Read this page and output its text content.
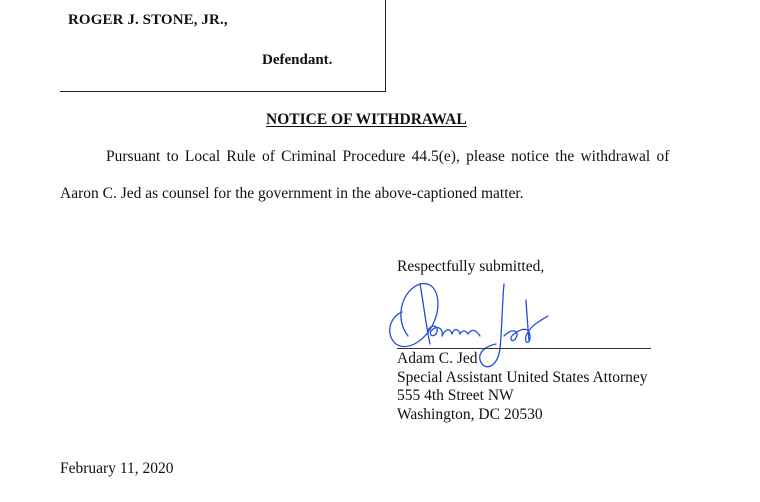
ROGER J. STONE, JR.,
Defendant.
NOTICE OF WITHDRAWAL
Pursuant to Local Rule of Criminal Procedure 44.5(e), please notice the withdrawal of
Aaron C. Jed as counsel for the government in the above-captioned matter.
Respectfully submitted,
Adam C. Jed
Special Assistant United States Attorney
555 4th Street NW
Washington, DC 20530
February 11, 2020
